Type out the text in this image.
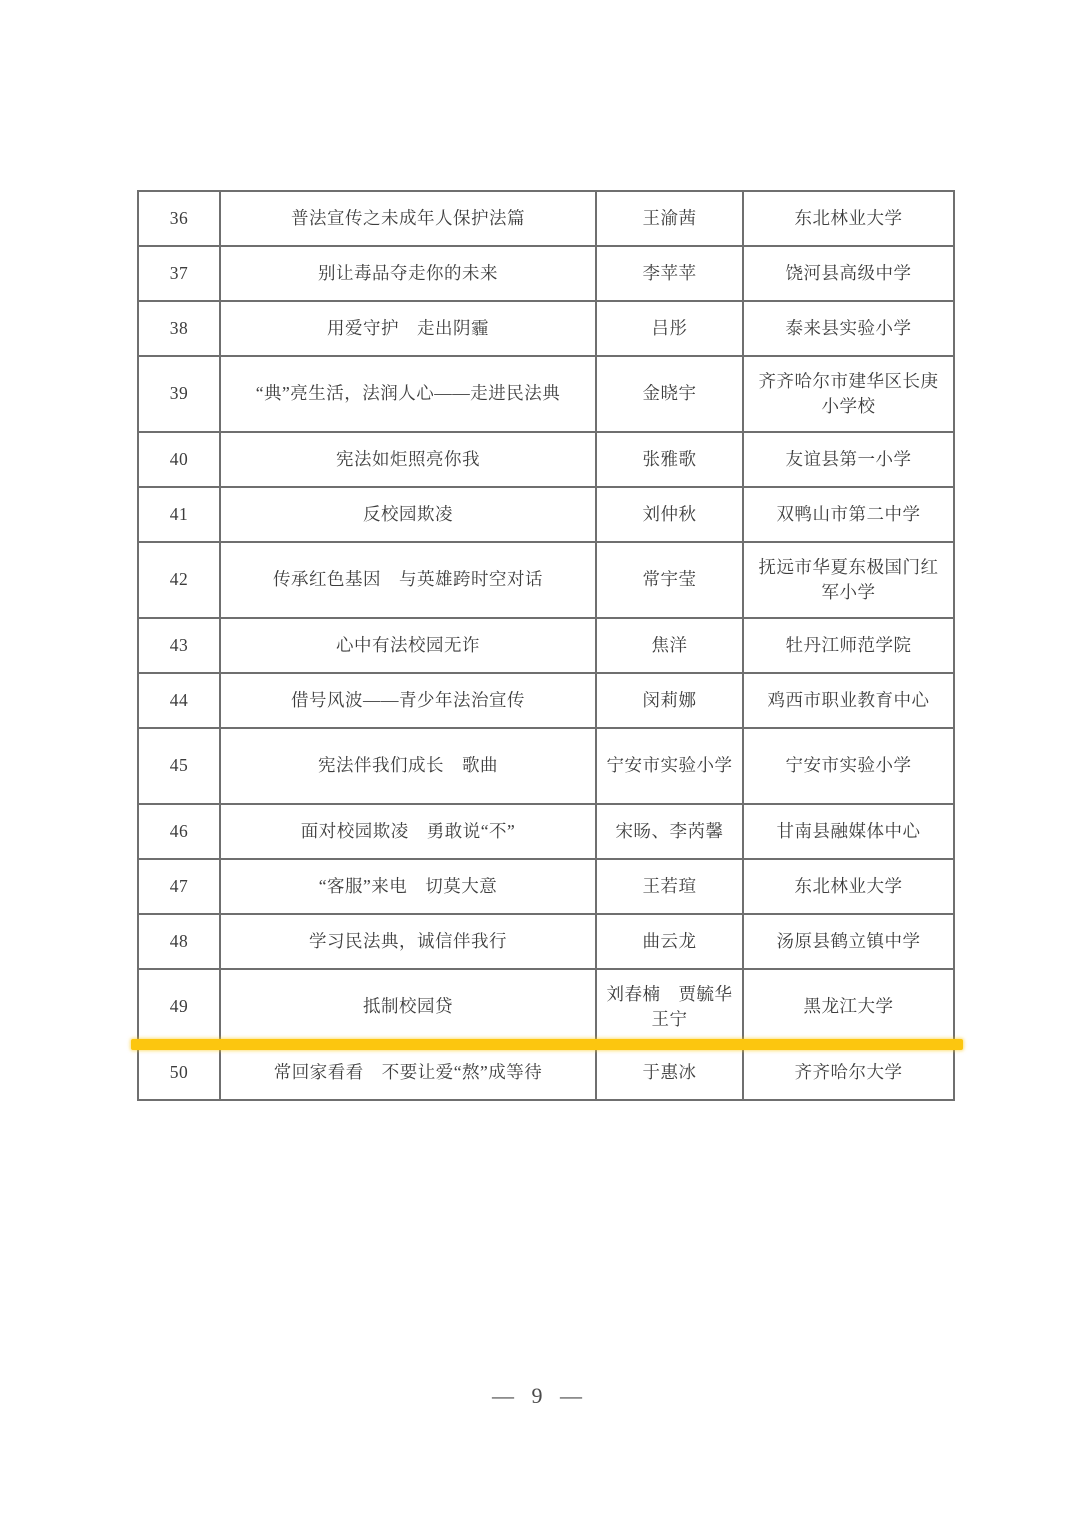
36	普法宣传之未成年人保护法篇	王渝茜	东北林业大学
37	别让毒品夺走你的未来	李苹苹	饶河县高级中学
38	用爱守护　走出阴霾	吕彤	泰来县实验小学
39	“典”亮生活，法润人心——走进民法典	金晓宇	齐齐哈尔市建华区长庚小学校
40	宪法如炬照亮你我	张雅歌	友谊县第一小学
41	反校园欺凌	刘仲秋	双鸭山市第二中学
42	传承红色基因　与英雄跨时空对话	常宇莹	抚远市华夏东极国门红军小学
43	心中有法校园无诈	焦洋	牡丹江师范学院
44	借号风波——青少年法治宣传	闵莉娜	鸡西市职业教育中心
45	宪法伴我们成长　歌曲	宁安市实验小学	宁安市实验小学
46	面对校园欺凌　勇敢说“不”	宋旸、李芮馨	甘南县融媒体中心
47	“客服”来电　切莫大意	王若瑄	东北林业大学
48	学习民法典，诚信伴我行	曲云龙	汤原县鹤立镇中学
49	抵制校园贷	刘春楠　贾毓华　王宁	黑龙江大学
50	常回家看看　不要让爱“熬”成等待	于惠冰	齐齐哈尔大学
— 9 —
